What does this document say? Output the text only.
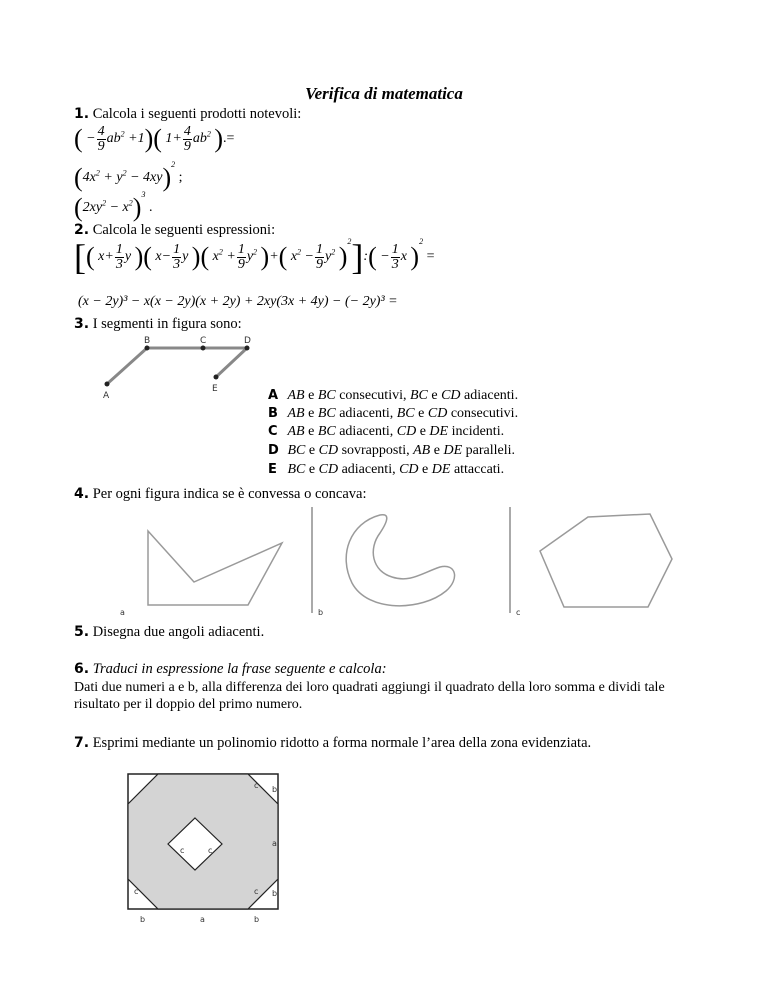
Verifica di matematica
1. Calcola i seguenti prodotti notevoli:
( − $\frac{4}{9} ab^2 +1$)( $1+ \frac{4}{9} ab^2$ ).=
$(4x^2 + y^2 - 4xy)^2$ ;
$(2xy^2 - x^2)^3$ .
2. Calcola le seguenti espressioni:
[( $x+ \frac{1}{3}$ y )( $x- \frac{1}{3}$ y )( $x^2 + \frac{1}{9} y^2$ )+( $x^2 - \frac{1}{9} y^2$ )$^2$]:( − $\frac{1}{3}$ x )$^2$ =
(x − 2y)³ − x(x − 2y)(x + 2y) + 2xy(3x + 4y) − (− 2y)³ =
3. I segmenti in figura sono:
A
B	C	D
E	A AB e BC consecutivi, BC e CD adiacenti.
B AB e BC adiacenti, BC e CD consecutivi.
C AB e BC adiacenti, CD e DE incidenti.
D BC e CD sovrapposti, AB e DE paralleli.
E BC e CD adiacenti, CD e DE attaccati.
4. Per ogni figura indica se è convessa o concava:
a	b	c
5. Disegna due angoli adiacenti.
6. Traduci in espressione la frase seguente e calcola:
Dati due numeri a e b, alla differenza dei loro quadrati aggiungi il quadrato della loro somma e dividi tale risultato per il doppio del primo numero.
7. Esprimi mediante un polinomio ridotto a forma normale l’area della zona evidenziata.
c b
a
b
c
c
c	c
b	a	b
